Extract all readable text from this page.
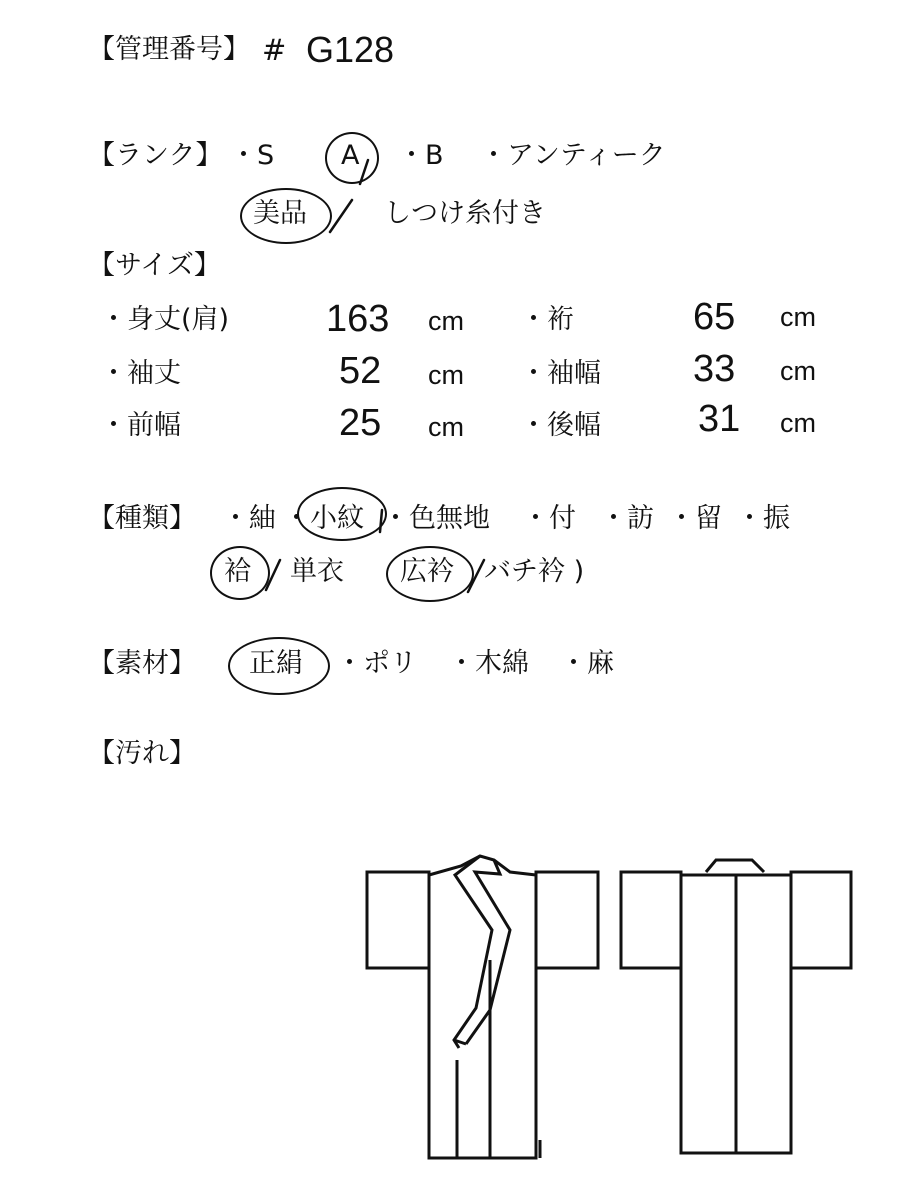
【管理番号】 # G128
【ランク】 ・S A ・B ・アンティーク
美品	しつけ糸付き
【サイズ】
・身丈(肩)	163 cm ・裄	65 cm
・袖丈	52 cm ・袖幅 33 cm
・前幅	25 cm ・後幅	31 cm
【種類】 ・紬 ・ 小紋 ・色無地 ・付 ・訪 ・留 ・振
袷 単衣 広衿 バチ衿 )
【素材】 正絹 ・ポリ ・木綿 ・麻
【汚れ】
